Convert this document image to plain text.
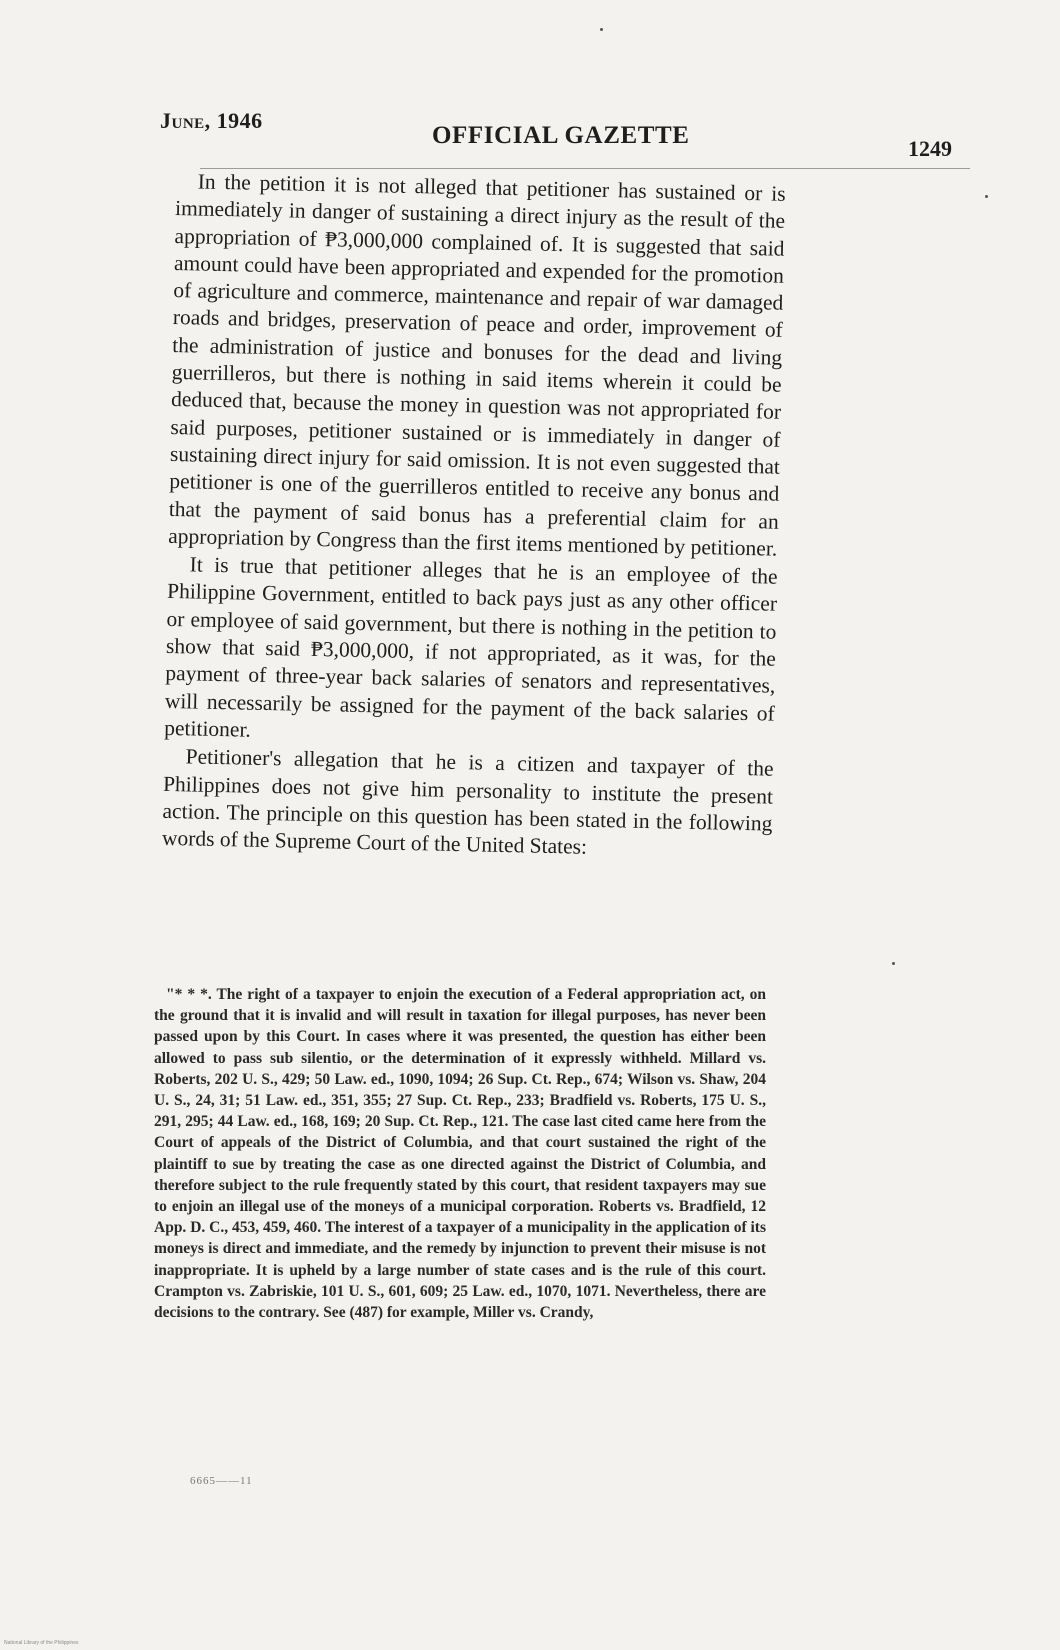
June, 1946
OFFICIAL GAZETTE	1249

In the petition it is not alleged that petitioner has sustained or is immediately in danger of sustaining a direct injury as the result of the appropriation of ₱3,000,000 complained of. It is suggested that said amount could have been appropriated and expended for the promotion of agriculture and commerce, maintenance and repair of war damaged roads and bridges, preservation of peace and order, improvement of the administration of justice and bonuses for the dead and living guerrilleros, but there is nothing in said items wherein it could be deduced that, because the money in question was not appropriated for said purposes, petitioner sustained or is immediately in danger of sustaining direct injury for said omission. It is not even suggested that petitioner is one of the guerrilleros entitled to receive any bonus and that the payment of said bonus has a preferential claim for an appropriation by Congress than the first items mentioned by petitioner.

It is true that petitioner alleges that he is an employee of the Philippine Government, entitled to back pays just as any other officer or employee of said government, but there is nothing in the petition to show that said ₱3,000,000, if not appropriated, as it was, for the payment of three-year back salaries of senators and representatives, will necessarily be assigned for the payment of the back salaries of petitioner.

Petitioner's allegation that he is a citizen and taxpayer of the Philippines does not give him personality to institute the present action. The principle on this question has been stated in the following words of the Supreme Court of the United States:

"* * *. The right of a taxpayer to enjoin the execution of a Federal appropriation act, on the ground that it is invalid and will result in taxation for illegal purposes, has never been passed upon by this Court. In cases where it was presented, the question has either been allowed to pass sub silentio, or the determination of it expressly withheld. Millard vs. Roberts, 202 U. S., 429; 50 Law. ed., 1090, 1094; 26 Sup. Ct. Rep., 674; Wilson vs. Shaw, 204 U. S., 24, 31; 51 Law. ed., 351, 355; 27 Sup. Ct. Rep., 233; Bradfield vs. Roberts, 175 U. S., 291, 295; 44 Law. ed., 168, 169; 20 Sup. Ct. Rep., 121. The case last cited came here from the Court of appeals of the District of Columbia, and that court sustained the right of the plaintiff to sue by treating the case as one directed against the District of Columbia, and therefore subject to the rule frequently stated by this court, that resident taxpayers may sue to enjoin an illegal use of the moneys of a municipal corporation. Roberts vs. Bradfield, 12 App. D. C., 453, 459, 460. The interest of a taxpayer of a municipality in the application of its moneys is direct and immediate, and the remedy by injunction to prevent their misuse is not inappropriate. It is upheld by a large number of state cases and is the rule of this court. Crampton vs. Zabriskie, 101 U. S., 601, 609; 25 Law. ed., 1070, 1071. Nevertheless, there are decisions to the contrary. See (487) for example, Miller vs. Crandy,

6665——11
National Library of the Philippines
